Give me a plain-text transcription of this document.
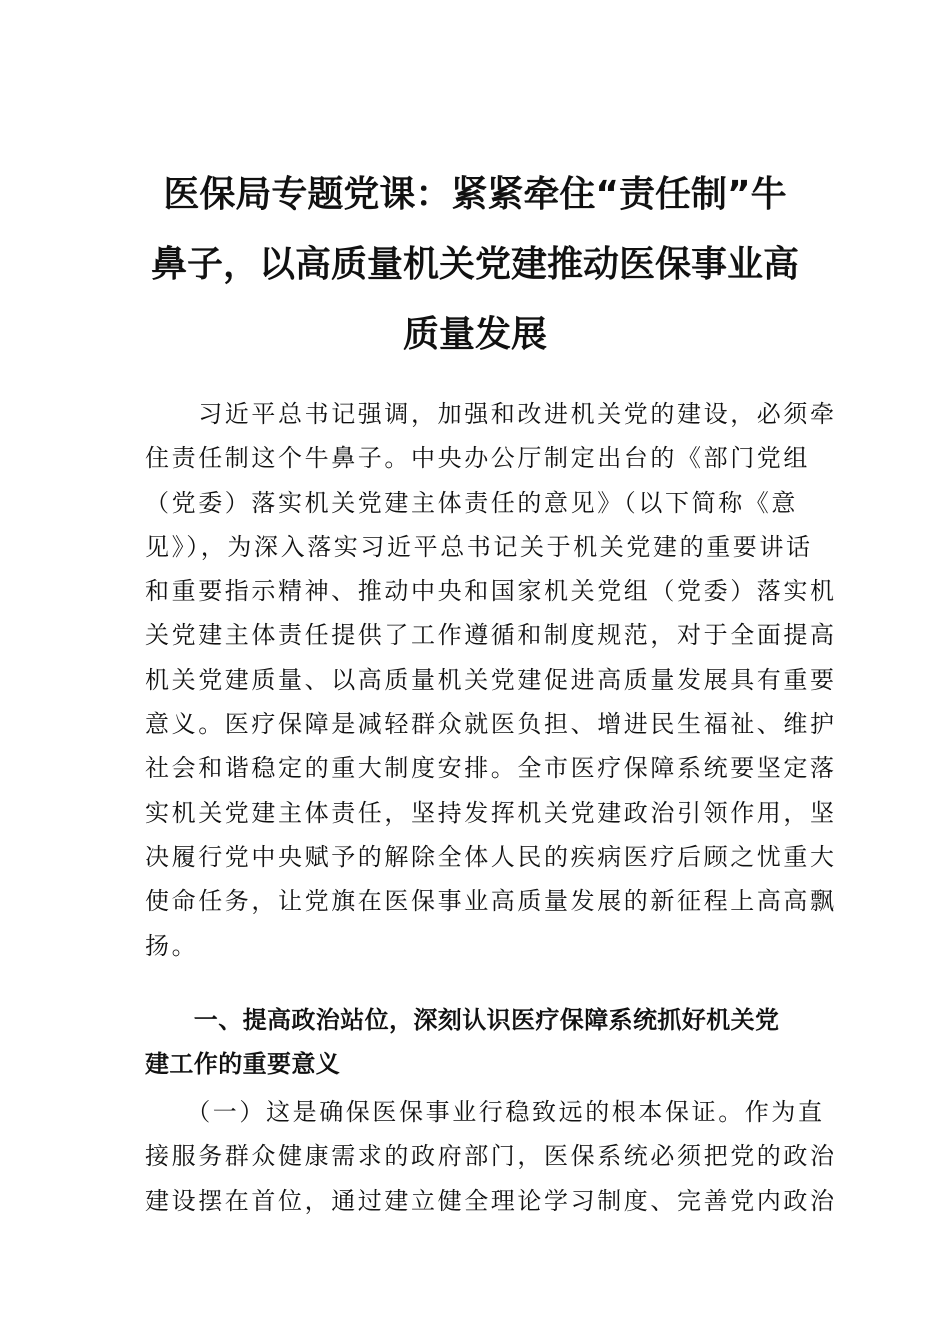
医保局专题党课：紧紧牵住“责任制”牛
鼻子，以高质量机关党建推动医保事业高
质量发展

　　习近平总书记强调，加强和改进机关党的建设，必须牵
住责任制这个牛鼻子。中央办公厅制定出台的《部门党组
（党委）落实机关党建主体责任的意见》（以下简称《意
见》），为深入落实习近平总书记关于机关党建的重要讲话
和重要指示精神、推动中央和国家机关党组（党委）落实机
关党建主体责任提供了工作遵循和制度规范，对于全面提高
机关党建质量、以高质量机关党建促进高质量发展具有重要
意义。医疗保障是减轻群众就医负担、增进民生福祉、维护
社会和谐稳定的重大制度安排。全市医疗保障系统要坚定落
实机关党建主体责任，坚持发挥机关党建政治引领作用，坚
决履行党中央赋予的解除全体人民的疾病医疗后顾之忧重大
使命任务，让党旗在医保事业高质量发展的新征程上高高飘
扬。

　　一、提高政治站位，深刻认识医疗保障系统抓好机关党
建工作的重要意义

　　（一）这是确保医保事业行稳致远的根本保证。作为直
接服务群众健康需求的政府部门，医保系统必须把党的政治
建设摆在首位，通过建立健全理论学习制度、完善党内政治
